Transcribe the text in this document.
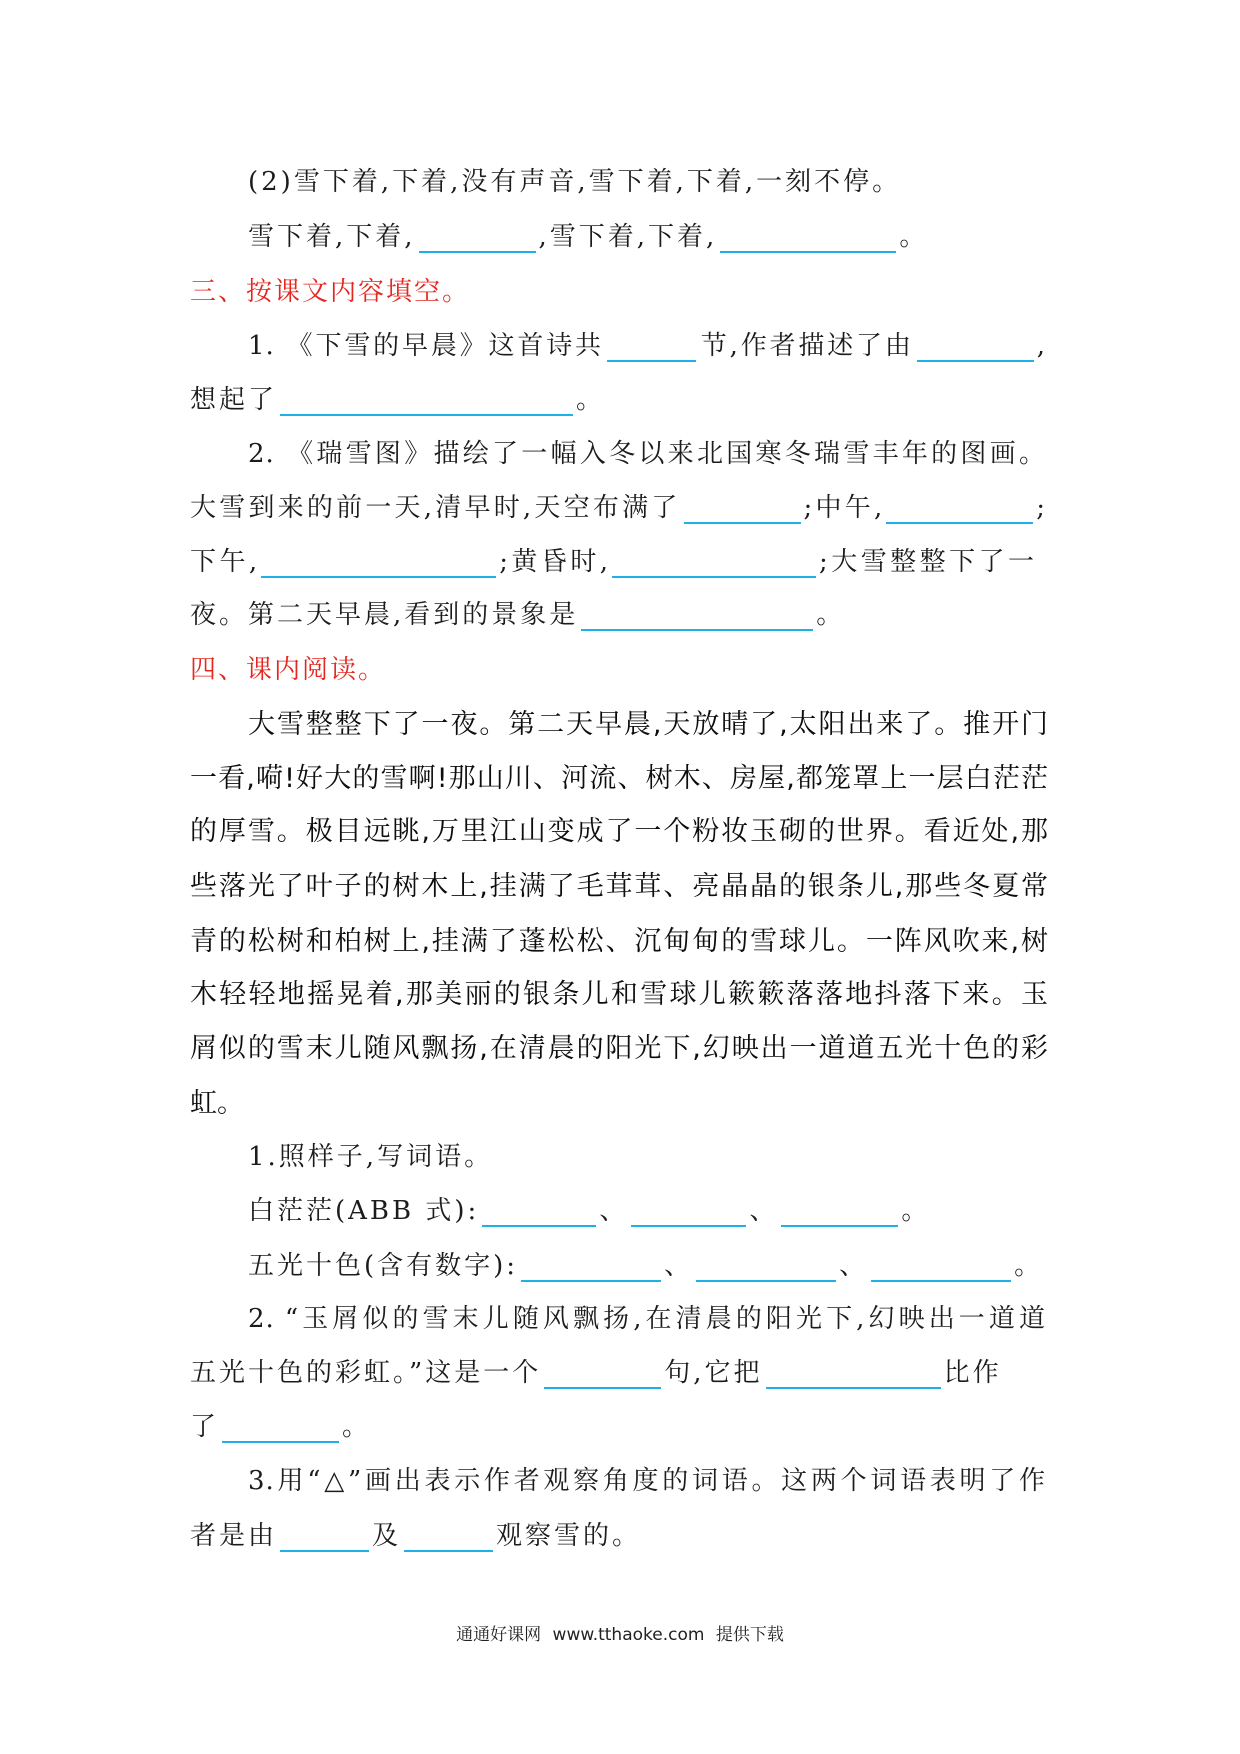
(2)雪下着,下着,没有声音,雪下着,下着,一刻不停。
雪下着,下着,	,雪下着,下着,	。
三、按课文内容填空。
1. 《下雪的早晨》这首诗共	节,作者描述了由	,
想起了	。
2. 《瑞雪图》描绘了一幅入冬以来北国寒冬瑞雪丰年的图画。
大雪到来的前一天,清早时,天空布满了	;中午,	;
下午,	;黄昏时,	;大雪整整下了一
夜。第二天早晨,看到的景象是	。
四、课内阅读。
大雪整整下了一夜。第二天早晨,天放晴了,太阳出来了。推开门
一看,嗬!好大的雪啊!那山川、河流、树木、房屋,都笼罩上一层白茫茫
的厚雪。极目远眺,万里江山变成了一个粉妆玉砌的世界。看近处,那
些落光了叶子的树木上,挂满了毛茸茸、亮晶晶的银条儿,那些冬夏常
青的松树和柏树上,挂满了蓬松松、沉甸甸的雪球儿。一阵风吹来,树
木轻轻地摇晃着,那美丽的银条儿和雪球儿簌簌落落地抖落下来。玉
屑似的雪末儿随风飘扬,在清晨的阳光下,幻映出一道道五光十色的彩
虹。
1.照样子,写词语。
白茫茫(ABB 式):	、	、	。
五光十色(含有数字):	、	、	。
2. “玉屑似的雪末儿随风飘扬,在清晨的阳光下,幻映出一道道
五光十色的彩虹。”这是一个	句,它把	比作
了	。
3.用“△”画出表示作者观察角度的词语。这两个词语表明了作
者是由	及	观察雪的。
通通好课网 www.tthaoke.com 提供下载
